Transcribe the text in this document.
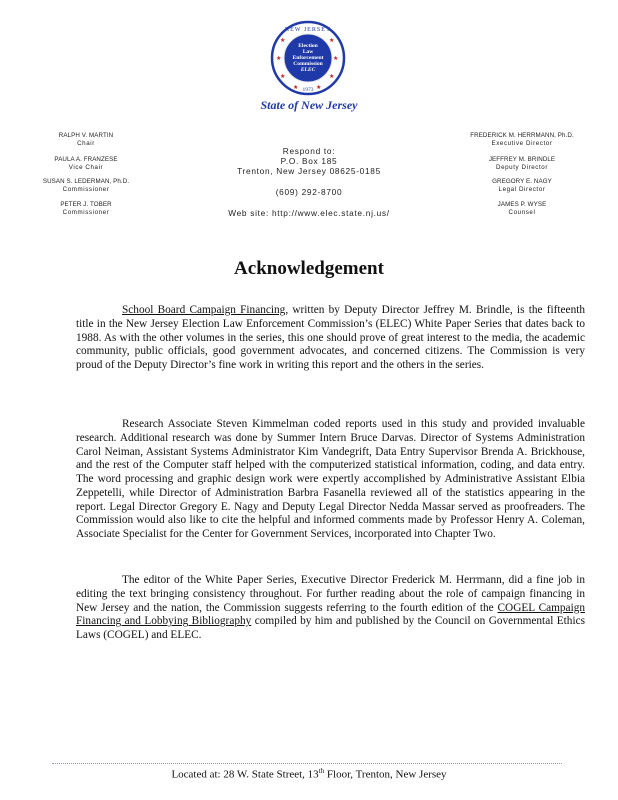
★	★
★	★
★	★
★	★
NEW JERSEY
Election
Law
Enforcement
Commission
ELEC
1973
State of New Jersey
RALPH V. MARTIN
Chair
PAULA A. FRANZESE
Vice Chair
SUSAN S. LEDERMAN, Ph.D.
Commissioner
PETER J. TOBER
Commissioner
FREDERICK M. HERRMANN, Ph.D.
Executive Director
JEFFREY M. BRINDLE
Deputy Director
GREGORY E. NAGY
Legal Director
JAMES P. WYSE
Counsel
Respond to:
P.O. Box 185
Trenton, New Jersey 08625-0185
(609) 292-8700
Web site: http://www.elec.state.nj.us/
Acknowledgement

School Board Campaign Financing, written by Deputy Director Jeffrey M. Brindle, is the fifteenth title in the New Jersey Election Law Enforcement Commission’s (ELEC) White Paper Series that dates back to 1988. As with the other volumes in the series, this one should prove of great interest to the media, the academic community, public officials, good government advocates, and concerned citizens. The Commission is very proud of the Deputy Director’s fine work in writing this report and the others in the series.

Research Associate Steven Kimmelman coded reports used in this study and provided invaluable research. Additional research was done by Summer Intern Bruce Darvas. Director of Systems Administration Carol Neiman, Assistant Systems Administrator Kim Vandegrift, Data Entry Supervisor Brenda A. Brickhouse, and the rest of the Computer staff helped with the computerized statistical information, coding, and data entry. The word processing and graphic design work were expertly accomplished by Administrative Assistant Elbia Zeppetelli, while Director of Administration Barbra Fasanella reviewed all of the statistics appearing in the report. Legal Director Gregory E. Nagy and Deputy Legal Director Nedda Massar served as proofreaders. The Commission would also like to cite the helpful and informed comments made by Professor Henry A. Coleman, Associate Specialist for the Center for Government Services, incorporated into Chapter Two.

The editor of the White Paper Series, Executive Director Frederick M. Herrmann, did a fine job in editing the text bringing consistency throughout. For further reading about the role of campaign financing in New Jersey and the nation, the Commission suggests referring to the fourth edition of the COGEL Campaign Financing and Lobbying Bibliography compiled by him and published by the Council on Governmental Ethics Laws (COGEL) and ELEC.

Located at: 28 W. State Street, 13th Floor, Trenton, New Jersey
